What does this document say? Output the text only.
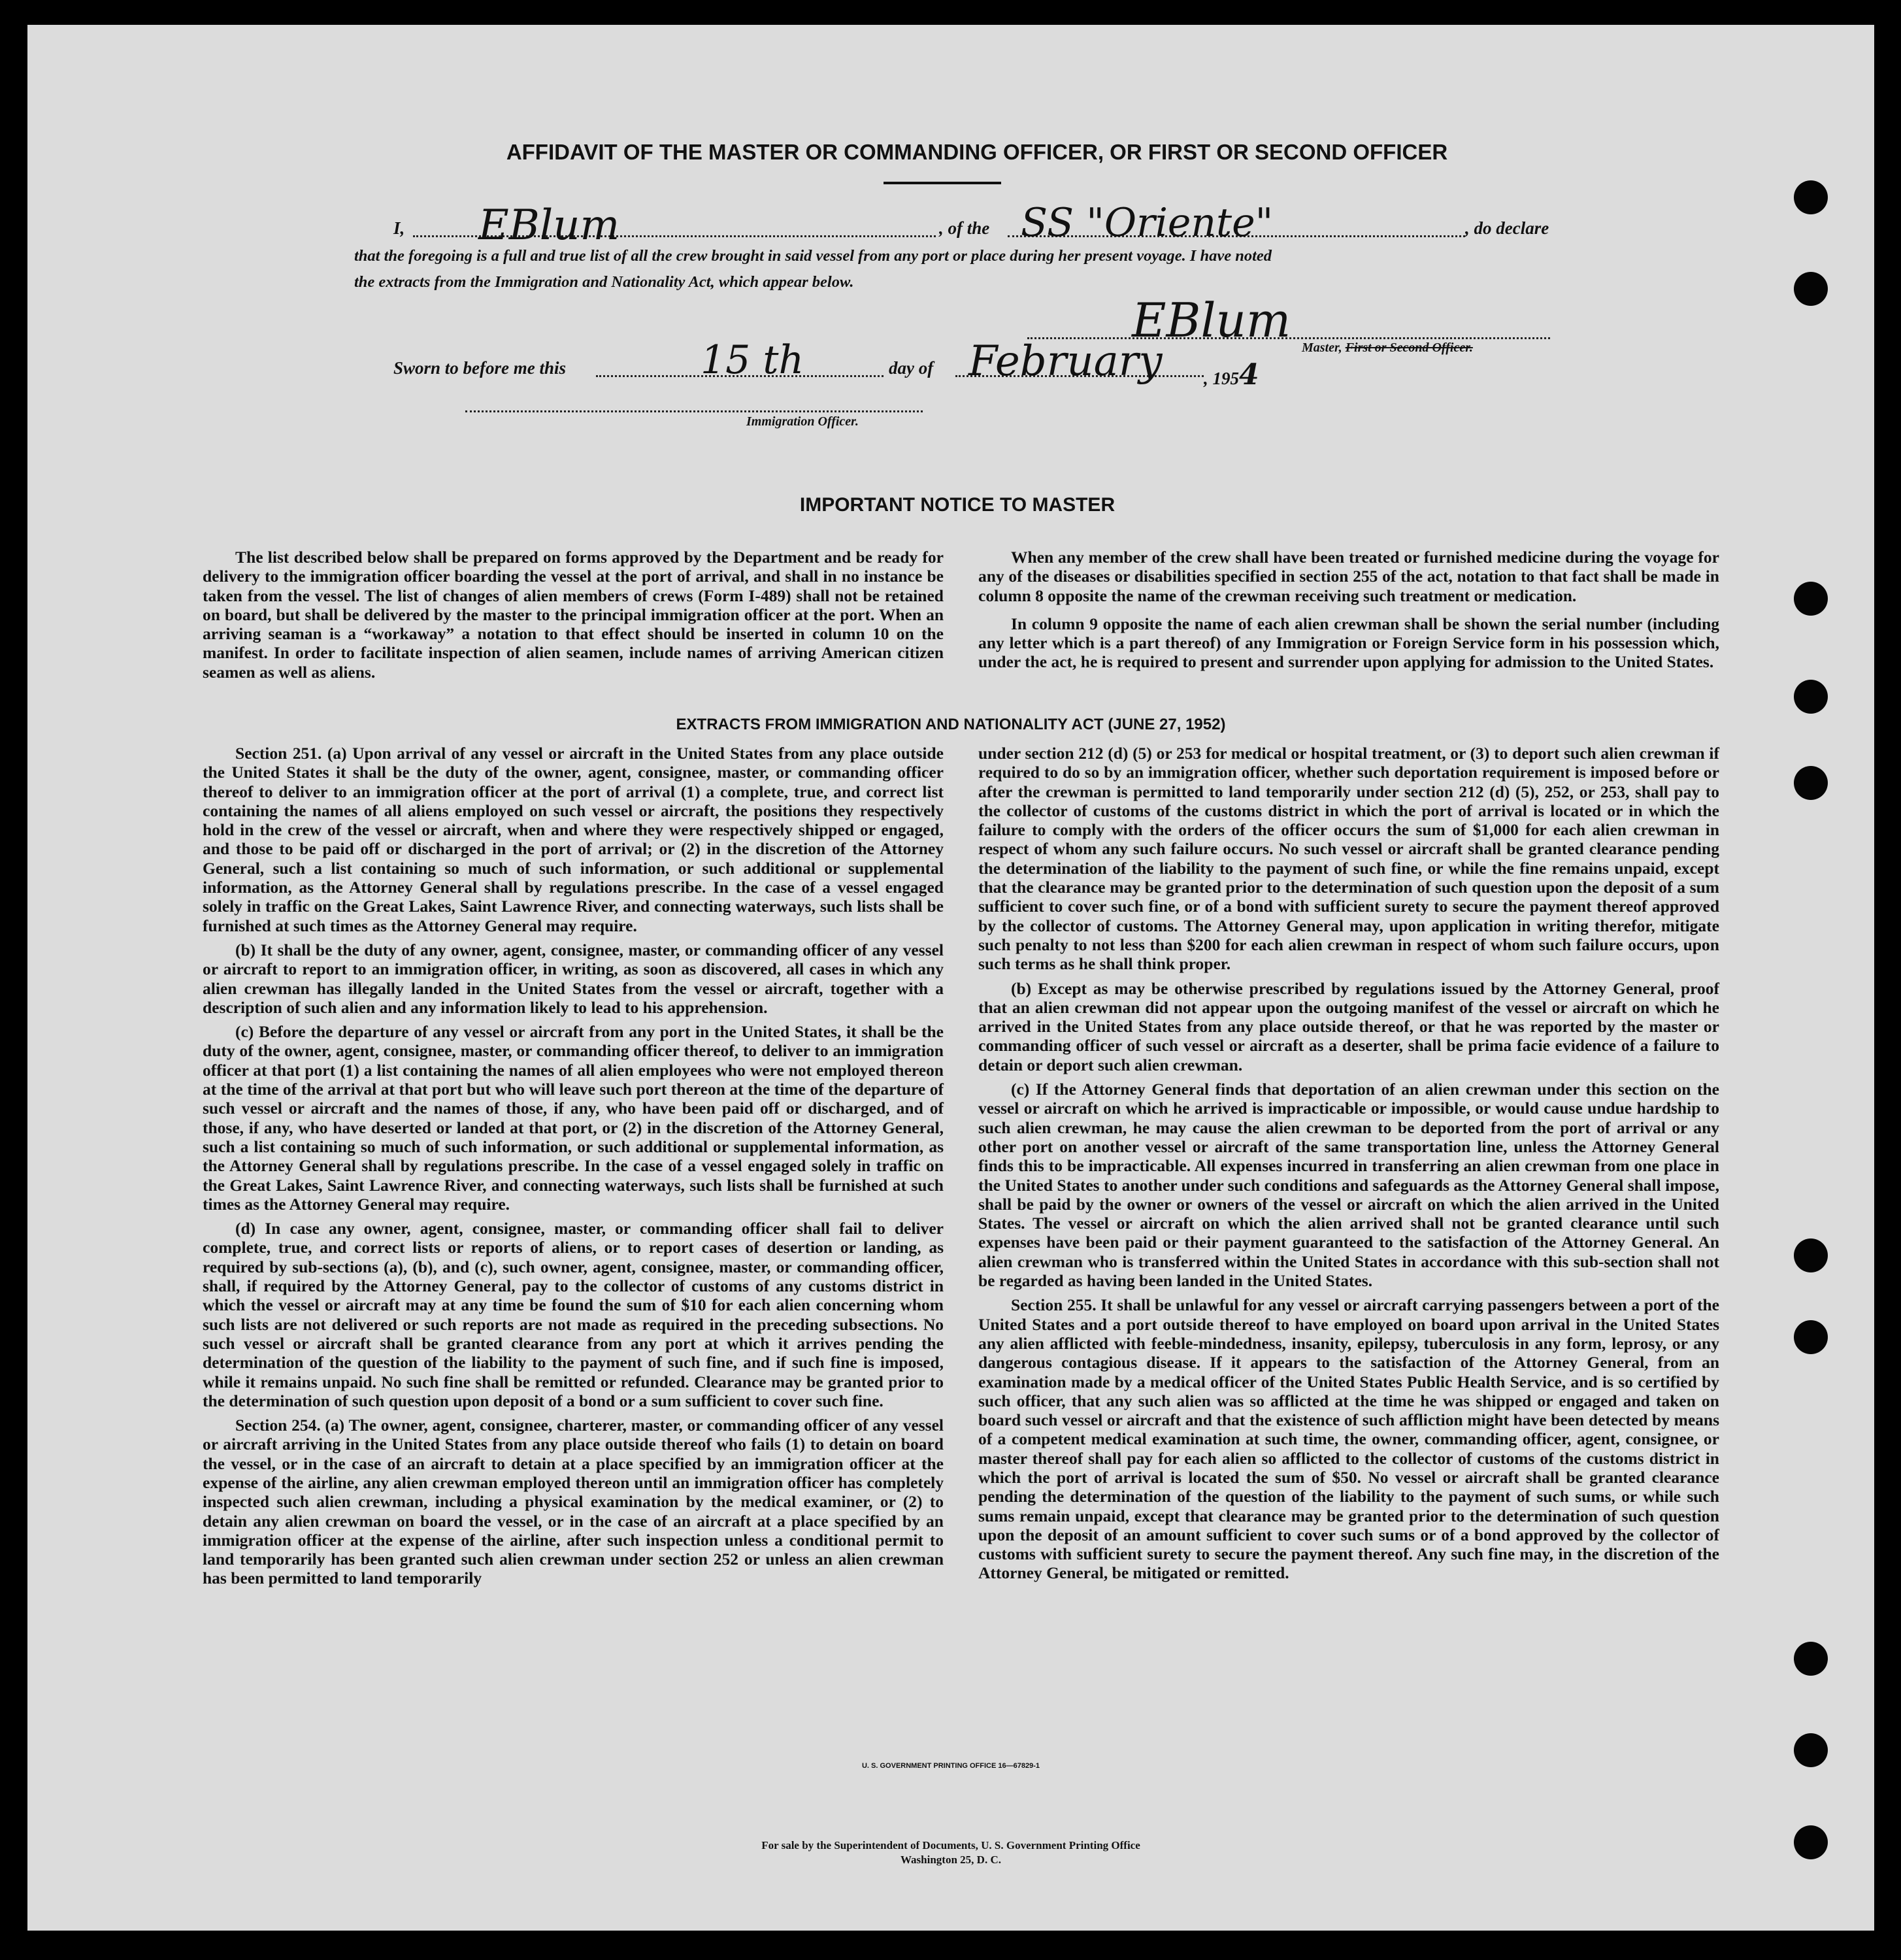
AFFIDAVIT OF THE MASTER OR COMMANDING OFFICER, OR FIRST OR SECOND OFFICER
I, EBlum	, of the SS "Oriente"	, do declare
that the foregoing is a full and true list of all the crew brought in said vessel from any port or place during her present voyage. I have noted
the extracts from the Immigration and Nationality Act, which appear below.
EBlum Master, First or Second Officer.
Sworn to before me this	15 th	day of February , 1954
Immigration Officer.
IMPORTANT NOTICE TO MASTER

The list described below shall be prepared on forms approved by the Department and be ready for delivery to the immigration officer boarding the vessel at the port of arrival, and shall in no instance be taken from the vessel. The list of changes of alien members of crews (Form I-489) shall not be retained on board, but shall be delivered by the master to the principal immigration officer at the port. When an arriving seaman is a “workaway” a notation to that effect should be inserted in column 10 on the manifest. In order to facilitate inspection of alien seamen, include names of arriving American citizen seamen as well as aliens.

When any member of the crew shall have been treated or furnished medicine during the voyage for any of the diseases or disabilities specified in section 255 of the act, notation to that fact shall be made in column 8 opposite the name of the crewman receiving such treatment or medication.

In column 9 opposite the name of each alien crewman shall be shown the serial number (including any letter which is a part thereof) of any Immigration or Foreign Service form in his possession which, under the act, he is required to present and surrender upon applying for admission to the United States.

EXTRACTS FROM IMMIGRATION AND NATIONALITY ACT (JUNE 27, 1952)

Section 251. (a) Upon arrival of any vessel or aircraft in the United States from any place outside the United States it shall be the duty of the owner, agent, consignee, master, or commanding officer thereof to deliver to an immigration officer at the port of arrival (1) a complete, true, and correct list containing the names of all aliens employed on such vessel or aircraft, the positions they respectively hold in the crew of the vessel or aircraft, when and where they were respectively shipped or engaged, and those to be paid off or discharged in the port of arrival; or (2) in the discretion of the Attorney General, such a list containing so much of such information, or such additional or supplemental information, as the Attorney General shall by regulations prescribe. In the case of a vessel engaged solely in traffic on the Great Lakes, Saint Lawrence River, and connecting waterways, such lists shall be furnished at such times as the Attorney General may require.

(b) It shall be the duty of any owner, agent, consignee, master, or commanding officer of any vessel or aircraft to report to an immigration officer, in writing, as soon as discovered, all cases in which any alien crewman has illegally landed in the United States from the vessel or aircraft, together with a description of such alien and any information likely to lead to his apprehension.

(c) Before the departure of any vessel or aircraft from any port in the United States, it shall be the duty of the owner, agent, consignee, master, or commanding officer thereof, to deliver to an immigration officer at that port (1) a list containing the names of all alien employees who were not employed thereon at the time of the arrival at that port but who will leave such port thereon at the time of the departure of such vessel or aircraft and the names of those, if any, who have been paid off or discharged, and of those, if any, who have deserted or landed at that port, or (2) in the discretion of the Attorney General, such a list containing so much of such information, or such additional or supplemental information, as the Attorney General shall by regulations prescribe. In the case of a vessel engaged solely in traffic on the Great Lakes, Saint Lawrence River, and connecting waterways, such lists shall be furnished at such times as the Attorney General may require.

(d) In case any owner, agent, consignee, master, or commanding officer shall fail to deliver complete, true, and correct lists or reports of aliens, or to report cases of desertion or landing, as required by sub-sections (a), (b), and (c), such owner, agent, consignee, master, or commanding officer, shall, if required by the Attorney General, pay to the collector of customs of any customs district in which the vessel or aircraft may at any time be found the sum of $10 for each alien concerning whom such lists are not delivered or such reports are not made as required in the preceding subsections. No such vessel or aircraft shall be granted clearance from any port at which it arrives pending the determination of the question of the liability to the payment of such fine, and if such fine is imposed, while it remains unpaid. No such fine shall be remitted or refunded. Clearance may be granted prior to the determination of such question upon deposit of a bond or a sum sufficient to cover such fine.

Section 254. (a) The owner, agent, consignee, charterer, master, or commanding officer of any vessel or aircraft arriving in the United States from any place outside thereof who fails (1) to detain on board the vessel, or in the case of an aircraft to detain at a place specified by an immigration officer at the expense of the airline, any alien crewman employed thereon until an immigration officer has completely inspected such alien crewman, including a physical examination by the medical examiner, or (2) to detain any alien crewman on board the vessel, or in the case of an aircraft at a place specified by an immigration officer at the expense of the airline, after such inspection unless a conditional permit to land temporarily has been granted such alien crewman under section 252 or unless an alien crewman has been permitted to land temporarily

under section 212 (d) (5) or 253 for medical or hospital treatment, or (3) to deport such alien crewman if required to do so by an immigration officer, whether such deportation requirement is imposed before or after the crewman is permitted to land temporarily under section 212 (d) (5), 252, or 253, shall pay to the collector of customs of the customs district in which the port of arrival is located or in which the failure to comply with the orders of the officer occurs the sum of $1,000 for each alien crewman in respect of whom any such failure occurs. No such vessel or aircraft shall be granted clearance pending the determination of the liability to the payment of such fine, or while the fine remains unpaid, except that the clearance may be granted prior to the determination of such question upon the deposit of a sum sufficient to cover such fine, or of a bond with sufficient surety to secure the payment thereof approved by the collector of customs. The Attorney General may, upon application in writing therefor, mitigate such penalty to not less than $200 for each alien crewman in respect of whom such failure occurs, upon such terms as he shall think proper.

(b) Except as may be otherwise prescribed by regulations issued by the Attorney General, proof that an alien crewman did not appear upon the outgoing manifest of the vessel or aircraft on which he arrived in the United States from any place outside thereof, or that he was reported by the master or commanding officer of such vessel or aircraft as a deserter, shall be prima facie evidence of a failure to detain or deport such alien crewman.

(c) If the Attorney General finds that deportation of an alien crewman under this section on the vessel or aircraft on which he arrived is impracticable or impossible, or would cause undue hardship to such alien crewman, he may cause the alien crewman to be deported from the port of arrival or any other port on another vessel or aircraft of the same transportation line, unless the Attorney General finds this to be impracticable. All expenses incurred in transferring an alien crewman from one place in the United States to another under such conditions and safeguards as the Attorney General shall impose, shall be paid by the owner or owners of the vessel or aircraft on which the alien arrived in the United States. The vessel or aircraft on which the alien arrived shall not be granted clearance until such expenses have been paid or their payment guaranteed to the satisfaction of the Attorney General. An alien crewman who is transferred within the United States in accordance with this sub-section shall not be regarded as having been landed in the United States.

Section 255. It shall be unlawful for any vessel or aircraft carrying passengers between a port of the United States and a port outside thereof to have employed on board upon arrival in the United States any alien afflicted with feeble-mindedness, insanity, epilepsy, tuberculosis in any form, leprosy, or any dangerous contagious disease. If it appears to the satisfaction of the Attorney General, from an examination made by a medical officer of the United States Public Health Service, and is so certified by such officer, that any such alien was so afflicted at the time he was shipped or engaged and taken on board such vessel or aircraft and that the existence of such affliction might have been detected by means of a competent medical examination at such time, the owner, commanding officer, agent, consignee, or master thereof shall pay for each alien so afflicted to the collector of customs of the customs district in which the port of arrival is located the sum of $50. No vessel or aircraft shall be granted clearance pending the determination of the question of the liability to the payment of such sums, or while such sums remain unpaid, except that clearance may be granted prior to the determination of such question upon the deposit of an amount sufficient to cover such sums or of a bond approved by the collector of customs with sufficient surety to secure the payment thereof. Any such fine may, in the discretion of the Attorney General, be mitigated or remitted.

U. S. GOVERNMENT PRINTING OFFICE 16—67829-1
For sale by the Superintendent of Documents, U. S. Government Printing Office
Washington 25, D. C.
